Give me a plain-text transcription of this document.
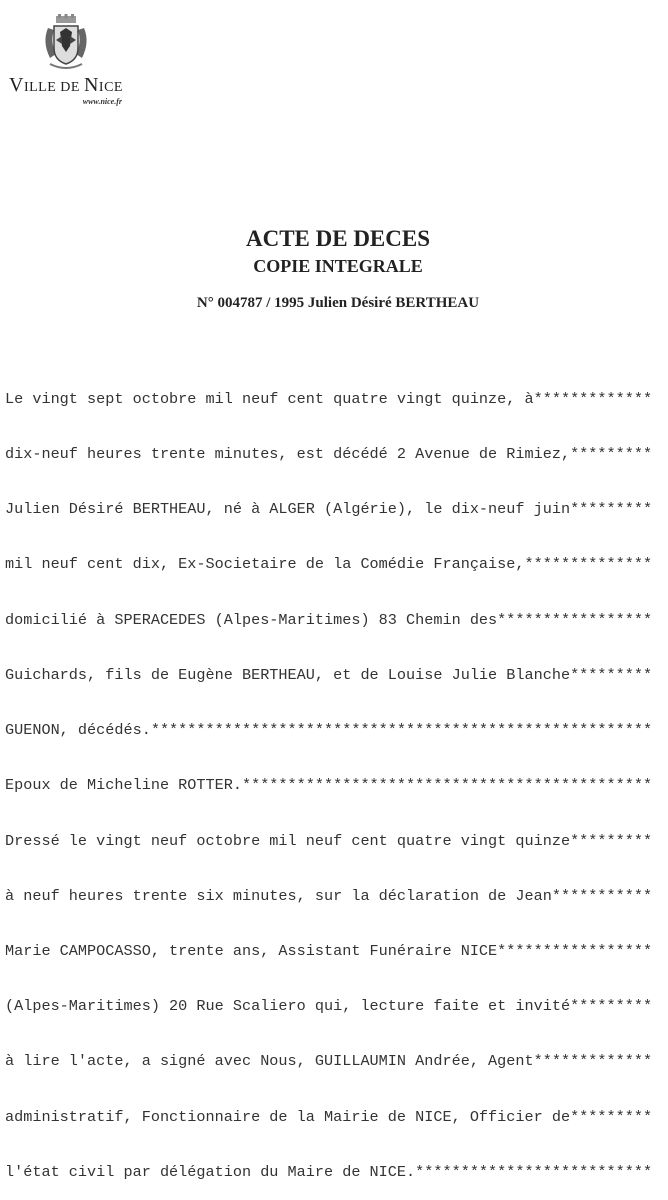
VILLE DE NICE
www.nice.fr
ACTE DE DECES
COPIE INTEGRALE
N° 004787 / 1995 Julien Désiré BERTHEAU

Le vingt sept octobre mil neuf cent quatre vingt quinze, à*************

dix-neuf heures trente minutes, est décédé 2 Avenue de Rimiez,*********

Julien Désiré BERTHEAU, né à ALGER (Algérie), le dix-neuf juin*********

mil neuf cent dix, Ex-Societaire de la Comédie Française,**************

domicilié à SPERACEDES (Alpes-Maritimes) 83 Chemin des*****************

Guichards, fils de Eugène BERTHEAU, et de Louise Julie Blanche*********

GUENON, décédés.*******************************************************

Epoux de Micheline ROTTER.*********************************************

Dressé le vingt neuf octobre mil neuf cent quatre vingt quinze*********

à neuf heures trente six minutes, sur la déclaration de Jean***********

Marie CAMPOCASSO, trente ans, Assistant Funéraire NICE*****************

(Alpes-Maritimes) 20 Rue Scaliero qui, lecture faite et invité*********

à lire l'acte, a signé avec Nous, GUILLAUMIN Andrée, Agent*************

administratif, Fonctionnaire de la Mairie de NICE, Officier de*********

l'état civil par délégation du Maire de NICE.**************************
